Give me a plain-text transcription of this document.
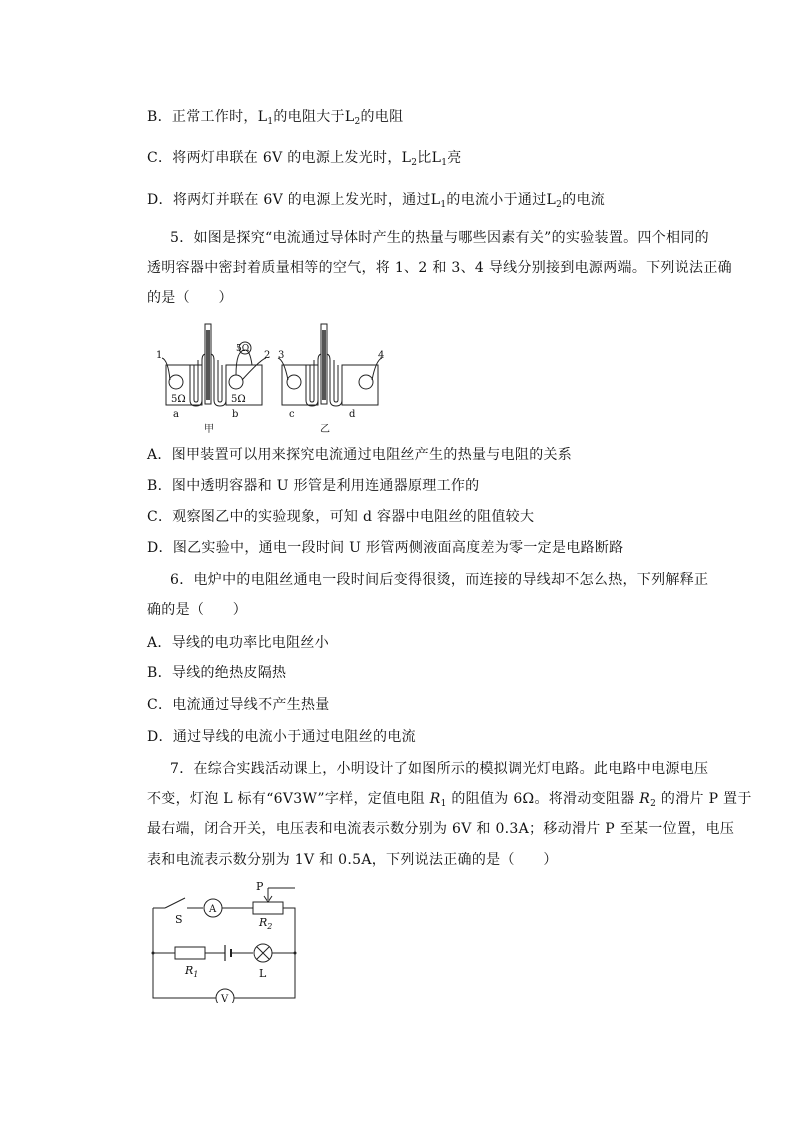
B．正常工作时，$L_1$的电阻大于$L_2$的电阻
C．将两灯串联在 6V 的电源上发光时，$L_2$比$L_1$亮
D．将两灯并联在 6V 的电源上发光时，通过$L_1$的电流小于通过$L_2$的电流
5．如图是探究“电流通过导体时产生的热量与哪些因素有关”的实验装置。四个相同的
透明容器中密封着质量相等的空气，将 1、2 和 3、4 导线分别接到电源两端。下列说法正确
的是（　　）
1	2 3	4
5Ω
5Ω	5Ω
a	b	c	d
甲	乙
A．图甲装置可以用来探究电流通过电阻丝产生的热量与电阻的关系
B．图中透明容器和 U 形管是利用连通器原理工作的
C．观察图乙中的实验现象，可知 d 容器中电阻丝的阻值较大
D．图乙实验中，通电一段时间 U 形管两侧液面高度差为零一定是电路断路
6．电炉中的电阻丝通电一段时间后变得很烫，而连接的导线却不怎么热，下列解释正
确的是（　　）
A．导线的电功率比电阻丝小
B．导线的绝热皮隔热
C．电流通过导线不产生热量
D．通过导线的电流小于通过电阻丝的电流
7．在综合实践活动课上，小明设计了如图所示的模拟调光灯电路。此电路中电源电压
不变，灯泡 L 标有“6V3W”字样，定值电阻 $R_1$ 的阻值为 6Ω。将滑动变阻器 $R_2$ 的滑片 P 置于
最右端，闭合开关，电压表和电流表示数分别为 6V 和 0.3A；移动滑片 P 至某一位置，电压
表和电流表示数分别为 1V 和 0.5A，下列说法正确的是（　　）
S
A
V
P
$R_2$
$R_1$	L
